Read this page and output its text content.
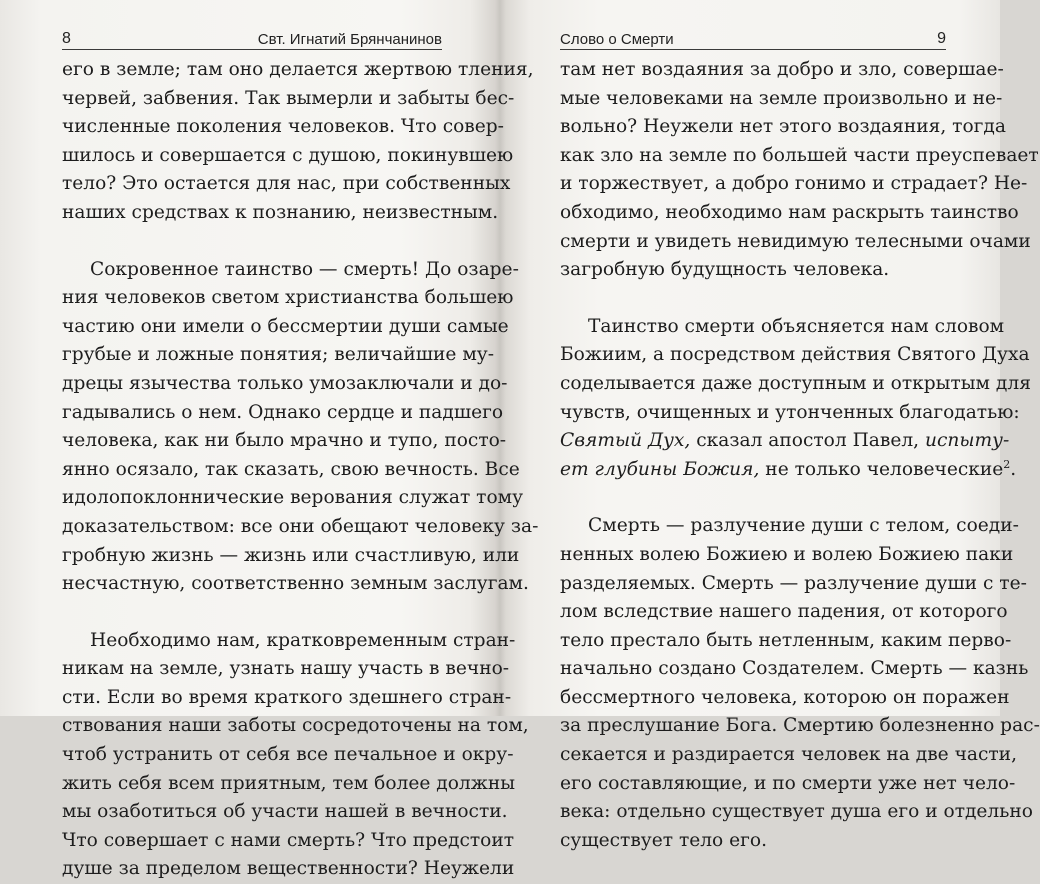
8	Свт. Игнатий Брянчанинов
его в земле; там оно делается жертвою тления,
червей, забвения. Так вымерли и забыты бес-
численные поколения человеков. Что совер-
шилось и совершается с душою, покинувшею
тело? Это остается для нас, при собственных
наших средствах к познанию, неизвестным.
Сокровенное таинство — смерть! До озаре-
ния человеков светом христианства большею
частию они имели о бессмертии души самые
грубые и ложные понятия; величайшие му-
дрецы язычества только умозаключали и до-
гадывались о нем. Однако сердце и падшего
человека, как ни было мрачно и тупо, посто-
янно осязало, так сказать, свою вечность. Все
идолопоклоннические верования служат тому
доказательством: все они обещают человеку за-
гробную жизнь — жизнь или счастливую, или
несчастную, соответственно земным заслугам.
Необходимо нам, кратковременным стран-
никам на земле, узнать нашу участь в вечно-
сти. Если во время краткого здешнего стран-
ствования наши заботы сосредоточены на том,
чтоб устранить от себя все печальное и окру-
жить себя всем приятным, тем более должны
мы озаботиться об участи нашей в вечности.
Что совершает с нами смерть? Что предстоит
душе за пределом вещественности? Неужели
Слово о Смерти	9
там нет воздаяния за добро и зло, совершае-
мые человеками на земле произвольно и не-
вольно? Неужели нет этого воздаяния, тогда
как зло на земле по большей части преуспевает
и торжествует, а добро гонимо и страдает? Не-
обходимо, необходимо нам раскрыть таинство
смерти и увидеть невидимую телесными очами
загробную будущность человека.
Таинство смерти объясняется нам словом
Божиим, а посредством действия Святого Духа
соделывается даже доступным и открытым для
чувств, очищенных и утонченных благодатью:
Святый Дух, сказал апостол Павел, испыту-
ет глубины Божия, не только человеческие$^2$.
Смерть — разлучение души с телом, соеди-
ненных волею Божиею и волею Божиею паки
разделяемых. Смерть — разлучение души с те-
лом вследствие нашего падения, от которого
тело престало быть нетленным, каким перво-
начально создано Создателем. Смерть — казнь
бессмертного человека, которою он поражен
за преслушание Бога. Смертию болезненно рас-
секается и раздирается человек на две части,
его составляющие, и по смерти уже нет чело-
века: отдельно существует душа его и отдельно
существует тело его.
